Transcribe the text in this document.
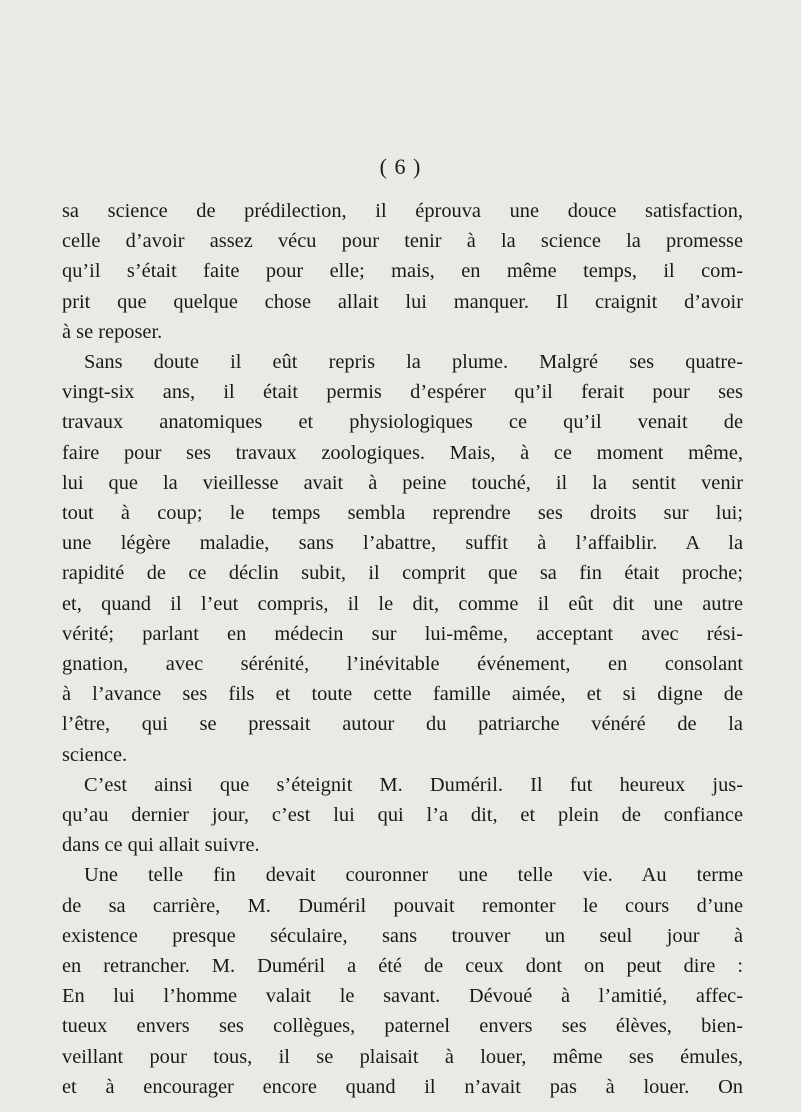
( 6 )
sa science de prédilection, il éprouva une douce satisfaction,
celle d’avoir assez vécu pour tenir à la science la promesse
qu’il s’était faite pour elle; mais, en même temps, il com-
prit que quelque chose allait lui manquer. Il craignit d’avoir
à se reposer.
Sans doute il eût repris la plume. Malgré ses quatre-
vingt-six ans, il était permis d’espérer qu’il ferait pour ses
travaux anatomiques et physiologiques ce qu’il venait de
faire pour ses travaux zoologiques. Mais, à ce moment même,
lui que la vieillesse avait à peine touché, il la sentit venir
tout à coup; le temps sembla reprendre ses droits sur lui;
une légère maladie, sans l’abattre, suffit à l’affaiblir. A la
rapidité de ce déclin subit, il comprit que sa fin était proche;
et, quand il l’eut compris, il le dit, comme il eût dit une autre
vérité; parlant en médecin sur lui-même, acceptant avec rési-
gnation, avec sérénité, l’inévitable événement, en consolant
à l’avance ses fils et toute cette famille aimée, et si digne de
l’être, qui se pressait autour du patriarche vénéré de la
science.
C’est ainsi que s’éteignit M. Duméril. Il fut heureux jus-
qu’au dernier jour, c’est lui qui l’a dit, et plein de confiance
dans ce qui allait suivre.
Une telle fin devait couronner une telle vie. Au terme
de sa carrière, M. Duméril pouvait remonter le cours d’une
existence presque séculaire, sans trouver un seul jour à
en retrancher. M. Duméril a été de ceux dont on peut dire :
En lui l’homme valait le savant. Dévoué à l’amitié, affec-
tueux envers ses collègues, paternel envers ses élèves, bien-
veillant pour tous, il se plaisait à louer, même ses émules,
et à encourager encore quand il n’avait pas à louer. On
